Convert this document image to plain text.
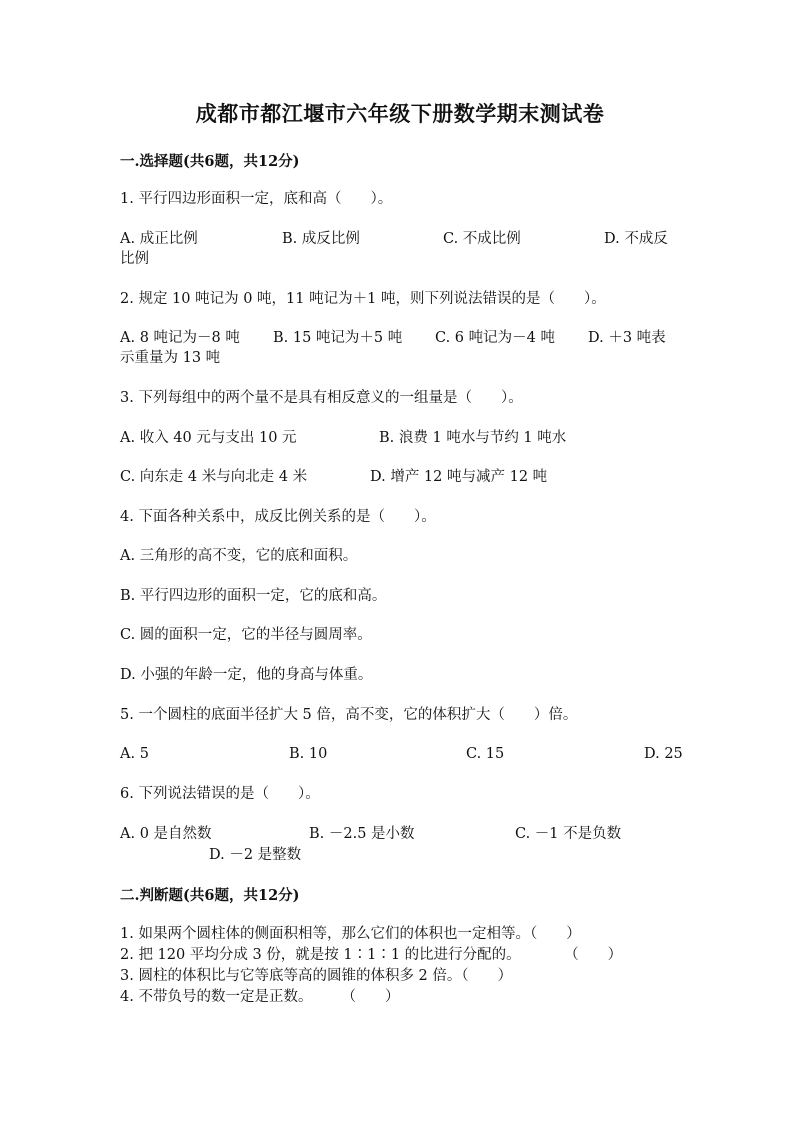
成都市都江堰市六年级下册数学期末测试卷
一.选择题(共6题，共12分)
1. 平行四边形面积一定，底和高（　　）。
A. 成正比例	B. 成反比例	C. 不成比例	D. 不成反
比例
2. 规定 10 吨记为 0 吨，11 吨记为＋1 吨，则下列说法错误的是（　　）。
A. 8 吨记为－8 吨 B. 15 吨记为＋5 吨 C. 6 吨记为－4 吨 D. ＋3 吨表
示重量为 13 吨
3. 下列每组中的两个量不是具有相反意义的一组量是（　　）。
A. 收入 40 元与支出 10 元	B. 浪费 1 吨水与节约 1 吨水
C. 向东走 4 米与向北走 4 米	D. 增产 12 吨与减产 12 吨
4. 下面各种关系中，成反比例关系的是（　　）。
A. 三角形的高不变，它的底和面积。
B. 平行四边形的面积一定，它的底和高。
C. 圆的面积一定，它的半径与圆周率。
D. 小强的年龄一定，他的身高与体重。
5. 一个圆柱的底面半径扩大 5 倍，高不变，它的体积扩大（　　）倍。
A. 5	B. 10	C. 15	D. 25
6. 下列说法错误的是（　　）。
A. 0 是自然数	B. －2.5 是小数	C. －1 不是负数
D. －2 是整数
二.判断题(共6题，共12分)
1. 如果两个圆柱体的侧面积相等，那么它们的体积也一定相等。（　　）
2. 把 120 平均分成 3 份，就是按 1∶1∶1 的比进行分配的。　　　　（　　）
3. 圆柱的体积比与它等底等高的圆锥的体积多 2 倍。（　　）
4. 不带负号的数一定是正数。　　　（　　）
